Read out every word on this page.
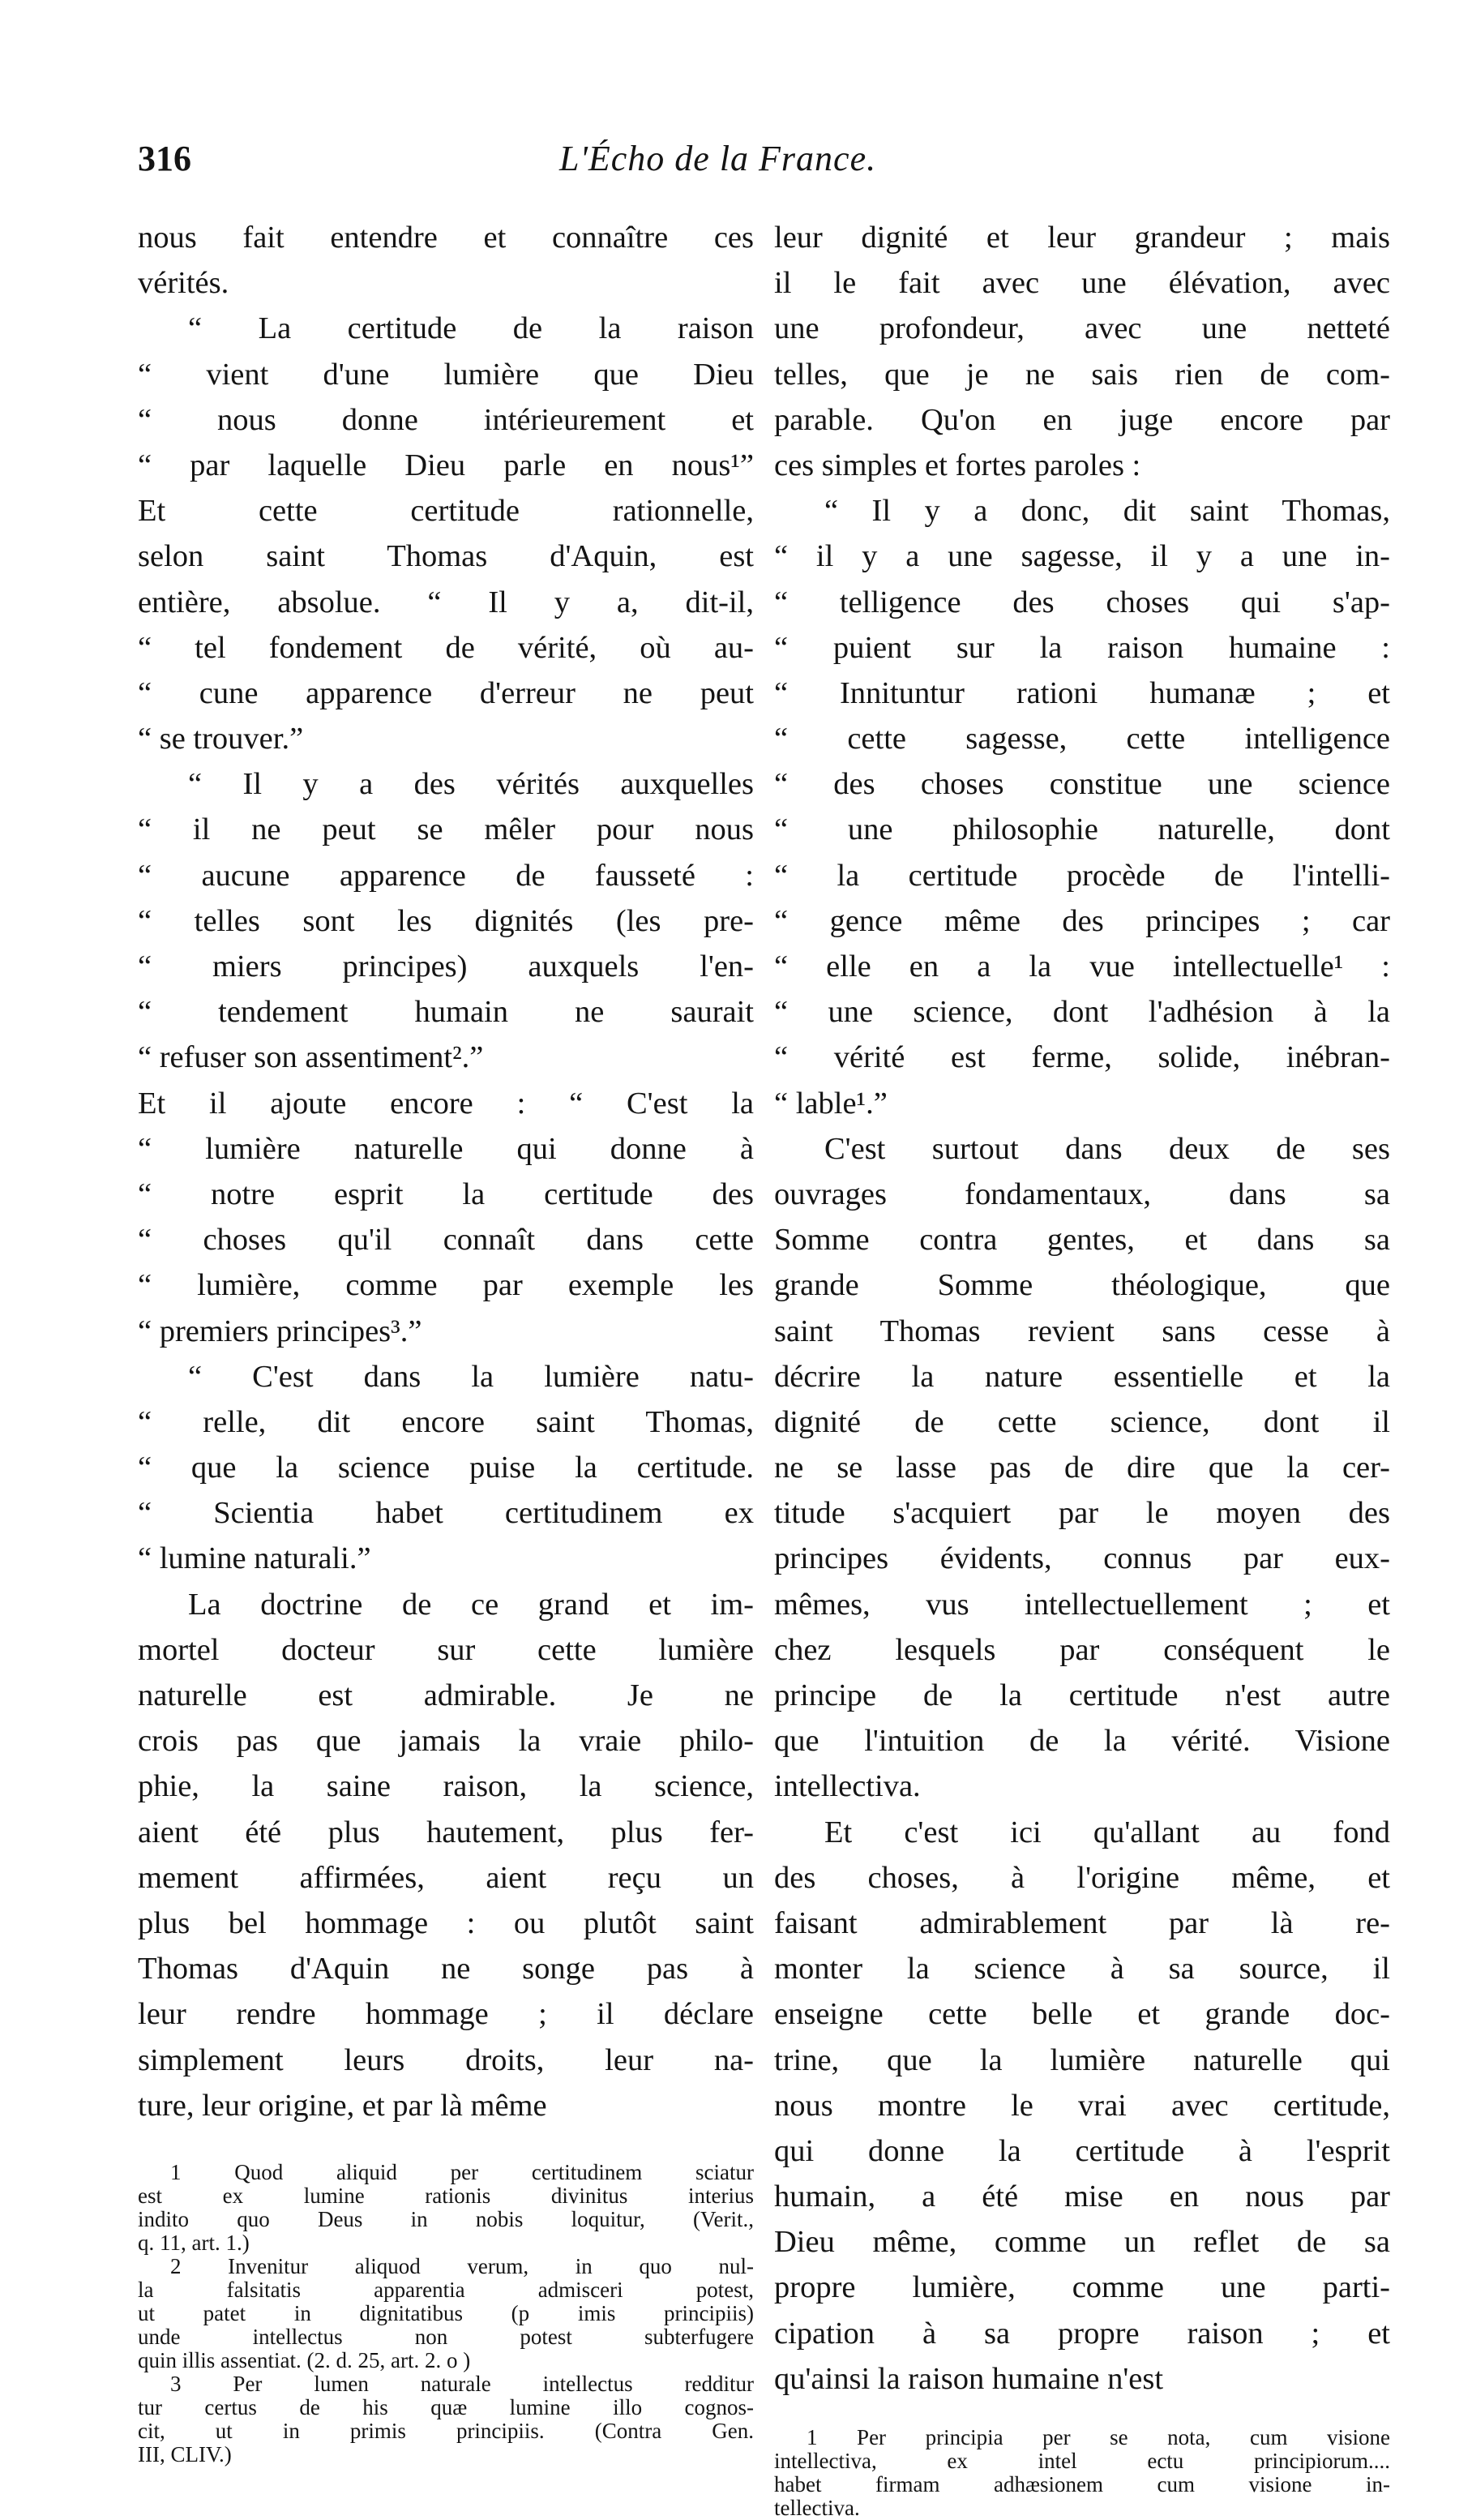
316	L'Écho de la France.
nous fait entendre et connaître ces
vérités.
“ La certitude de la raison
“ vient d'une lumière que Dieu
“ nous donne intérieurement et
“ par laquelle Dieu parle en nous¹”
Et cette certitude rationnelle,
selon saint Thomas d'Aquin, est
entière, absolue. “ Il y a, dit-il,
“ tel fondement de vérité, où au-
“ cune apparence d'erreur ne peut
“ se trouver.”
“ Il y a des vérités auxquelles
“ il ne peut se mêler pour nous
“ aucune apparence de fausseté :
“ telles sont les dignités (les pre-
“ miers principes) auxquels l'en-
“ tendement humain ne saurait
“ refuser son assentiment².”
Et il ajoute encore : “ C'est la
“ lumière naturelle qui donne à
“ notre esprit la certitude des
“ choses qu'il connaît dans cette
“ lumière, comme par exemple les
“ premiers principes³.”
“ C'est dans la lumière natu-
“ relle, dit encore saint Thomas,
“ que la science puise la certitude.
“ Scientia habet certitudinem ex
“ lumine naturali.”
La doctrine de ce grand et im-
mortel docteur sur cette lumière
naturelle est admirable. Je ne
crois pas que jamais la vraie philo-
phie, la saine raison, la science,
aient été plus hautement, plus fer-
mement affirmées, aient reçu un
plus bel hommage : ou plutôt saint
Thomas d'Aquin ne songe pas à
leur rendre hommage ; il déclare
simplement leurs droits, leur na-
ture, leur origine, et par là même
1 Quod aliquid per certitudinem sciatur
est ex lumine rationis divinitus interius
indito quo Deus in nobis loquitur, (Verit.,
q. 11, art. 1.)
2 Invenitur aliquod verum, in quo nul-
la falsitatis apparentia admisceri potest,
ut patet in dignitatibus (p imis principiis)
unde intellectus non potest subterfugere
quin illis assentiat. (2. d. 25, art. 2. o )
3 Per lumen naturale intellectus redditur
tur certus de his quæ lumine illo cognos-
cit, ut in primis principiis. (Contra Gen.
III, CLIV.)
leur dignité et leur grandeur ; mais
il le fait avec une élévation, avec
une profondeur, avec une netteté
telles, que je ne sais rien de com-
parable. Qu'on en juge encore par
ces simples et fortes paroles :
“ Il y a donc, dit saint Thomas,
“ il y a une sagesse, il y a une in-
“ telligence des choses qui s'ap-
“ puient sur la raison humaine :
“ Innituntur rationi humanæ ; et
“ cette sagesse, cette intelligence
“ des choses constitue une science
“ une philosophie naturelle, dont
“ la certitude procède de l'intelli-
“ gence même des principes ; car
“ elle en a la vue intellectuelle¹ :
“ une science, dont l'adhésion à la
“ vérité est ferme, solide, inébran-
“ lable¹.”
C'est surtout dans deux de ses
ouvrages fondamentaux, dans sa
Somme contra gentes, et dans sa
grande Somme théologique, que
saint Thomas revient sans cesse à
décrire la nature essentielle et la
dignité de cette science, dont il
ne se lasse pas de dire que la cer-
titude s'acquiert par le moyen des
principes évidents, connus par eux-
mêmes, vus intellectuellement ; et
chez lesquels par conséquent le
principe de la certitude n'est autre
que l'intuition de la vérité. Visione
intellectiva.
Et c'est ici qu'allant au fond
des choses, à l'origine même, et
faisant admirablement par là re-
monter la science à sa source, il
enseigne cette belle et grande doc-
trine, que la lumière naturelle qui
nous montre le vrai avec certitude,
qui donne la certitude à l'esprit
humain, a été mise en nous par
Dieu même, comme un reflet de sa
propre lumière, comme une parti-
cipation à sa propre raison ; et
qu'ainsi la raison humaine n'est
1 Per principia per se nota, cum visione
intellectiva, ex intel ectu principiorum....
habet firmam adhæsionem cum visione in-
tellectiva.
